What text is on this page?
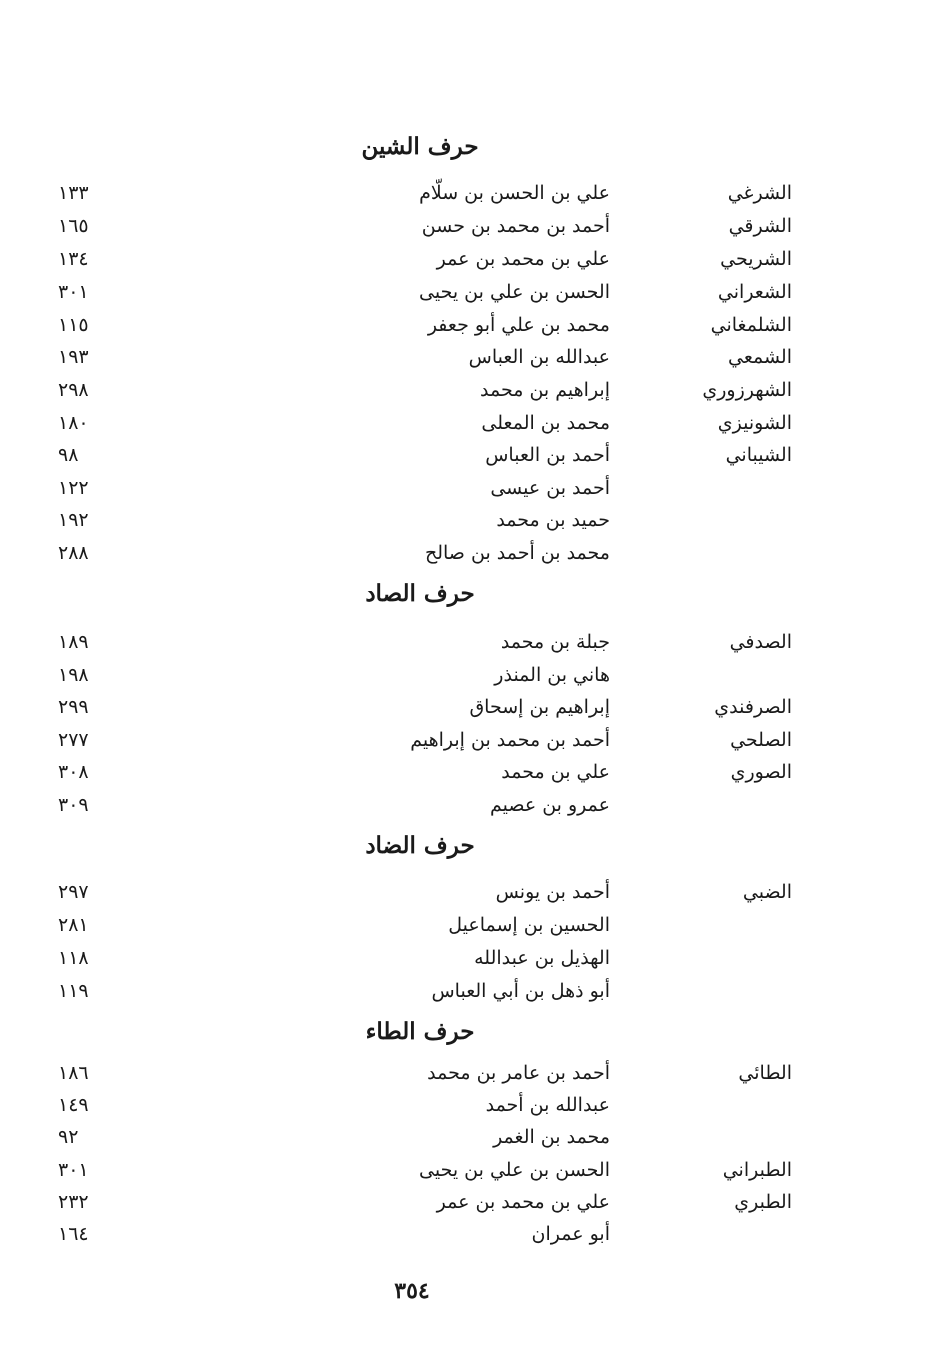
حرف الشين
الشرغي
علي بن الحسن بن سلّام
١٣٣
الشرقي
أحمد بن محمد بن حسن
١٦٥
الشريحي
علي بن محمد بن عمر
١٣٤
الشعراني
الحسن بن علي بن يحيى
٣٠١
الشلمغاني
محمد بن علي أبو جعفر
١١٥
الشمعي
عبدالله بن العباس
١٩٣
الشهرزوري
إبراهيم بن محمد
٢٩٨
الشونيزي
محمد بن المعلى
١٨٠
الشيباني
أحمد بن العباس
٩٨
أحمد بن عيسى
١٢٢
حميد بن محمد
١٩٢
محمد بن أحمد بن صالح
٢٨٨
حرف الصاد
الصدفي
جبلة بن محمد
١٨٩
هاني بن المنذر
١٩٨
الصرفندي
إبراهيم بن إسحاق
٢٩٩
الصلحي
أحمد بن محمد بن إبراهيم
٢٧٧
الصوري
علي بن محمد
٣٠٨
عمرو بن عصيم
٣٠٩
حرف الضاد
الضبي
أحمد بن يونس
٢٩٧
الحسين بن إسماعيل
٢٨١
الهذيل بن عبدالله
١١٨
أبو ذهل بن أبي العباس
١١٩
حرف الطاء
الطائي
أحمد بن عامر بن محمد
١٨٦
عبدالله بن أحمد
١٤٩
محمد بن الغمر
٩٢
الطبراني
الحسن بن علي بن يحيى
٣٠١
الطبري
علي بن محمد بن عمر
٢٣٢
أبو عمران
١٦٤
٣٥٤
